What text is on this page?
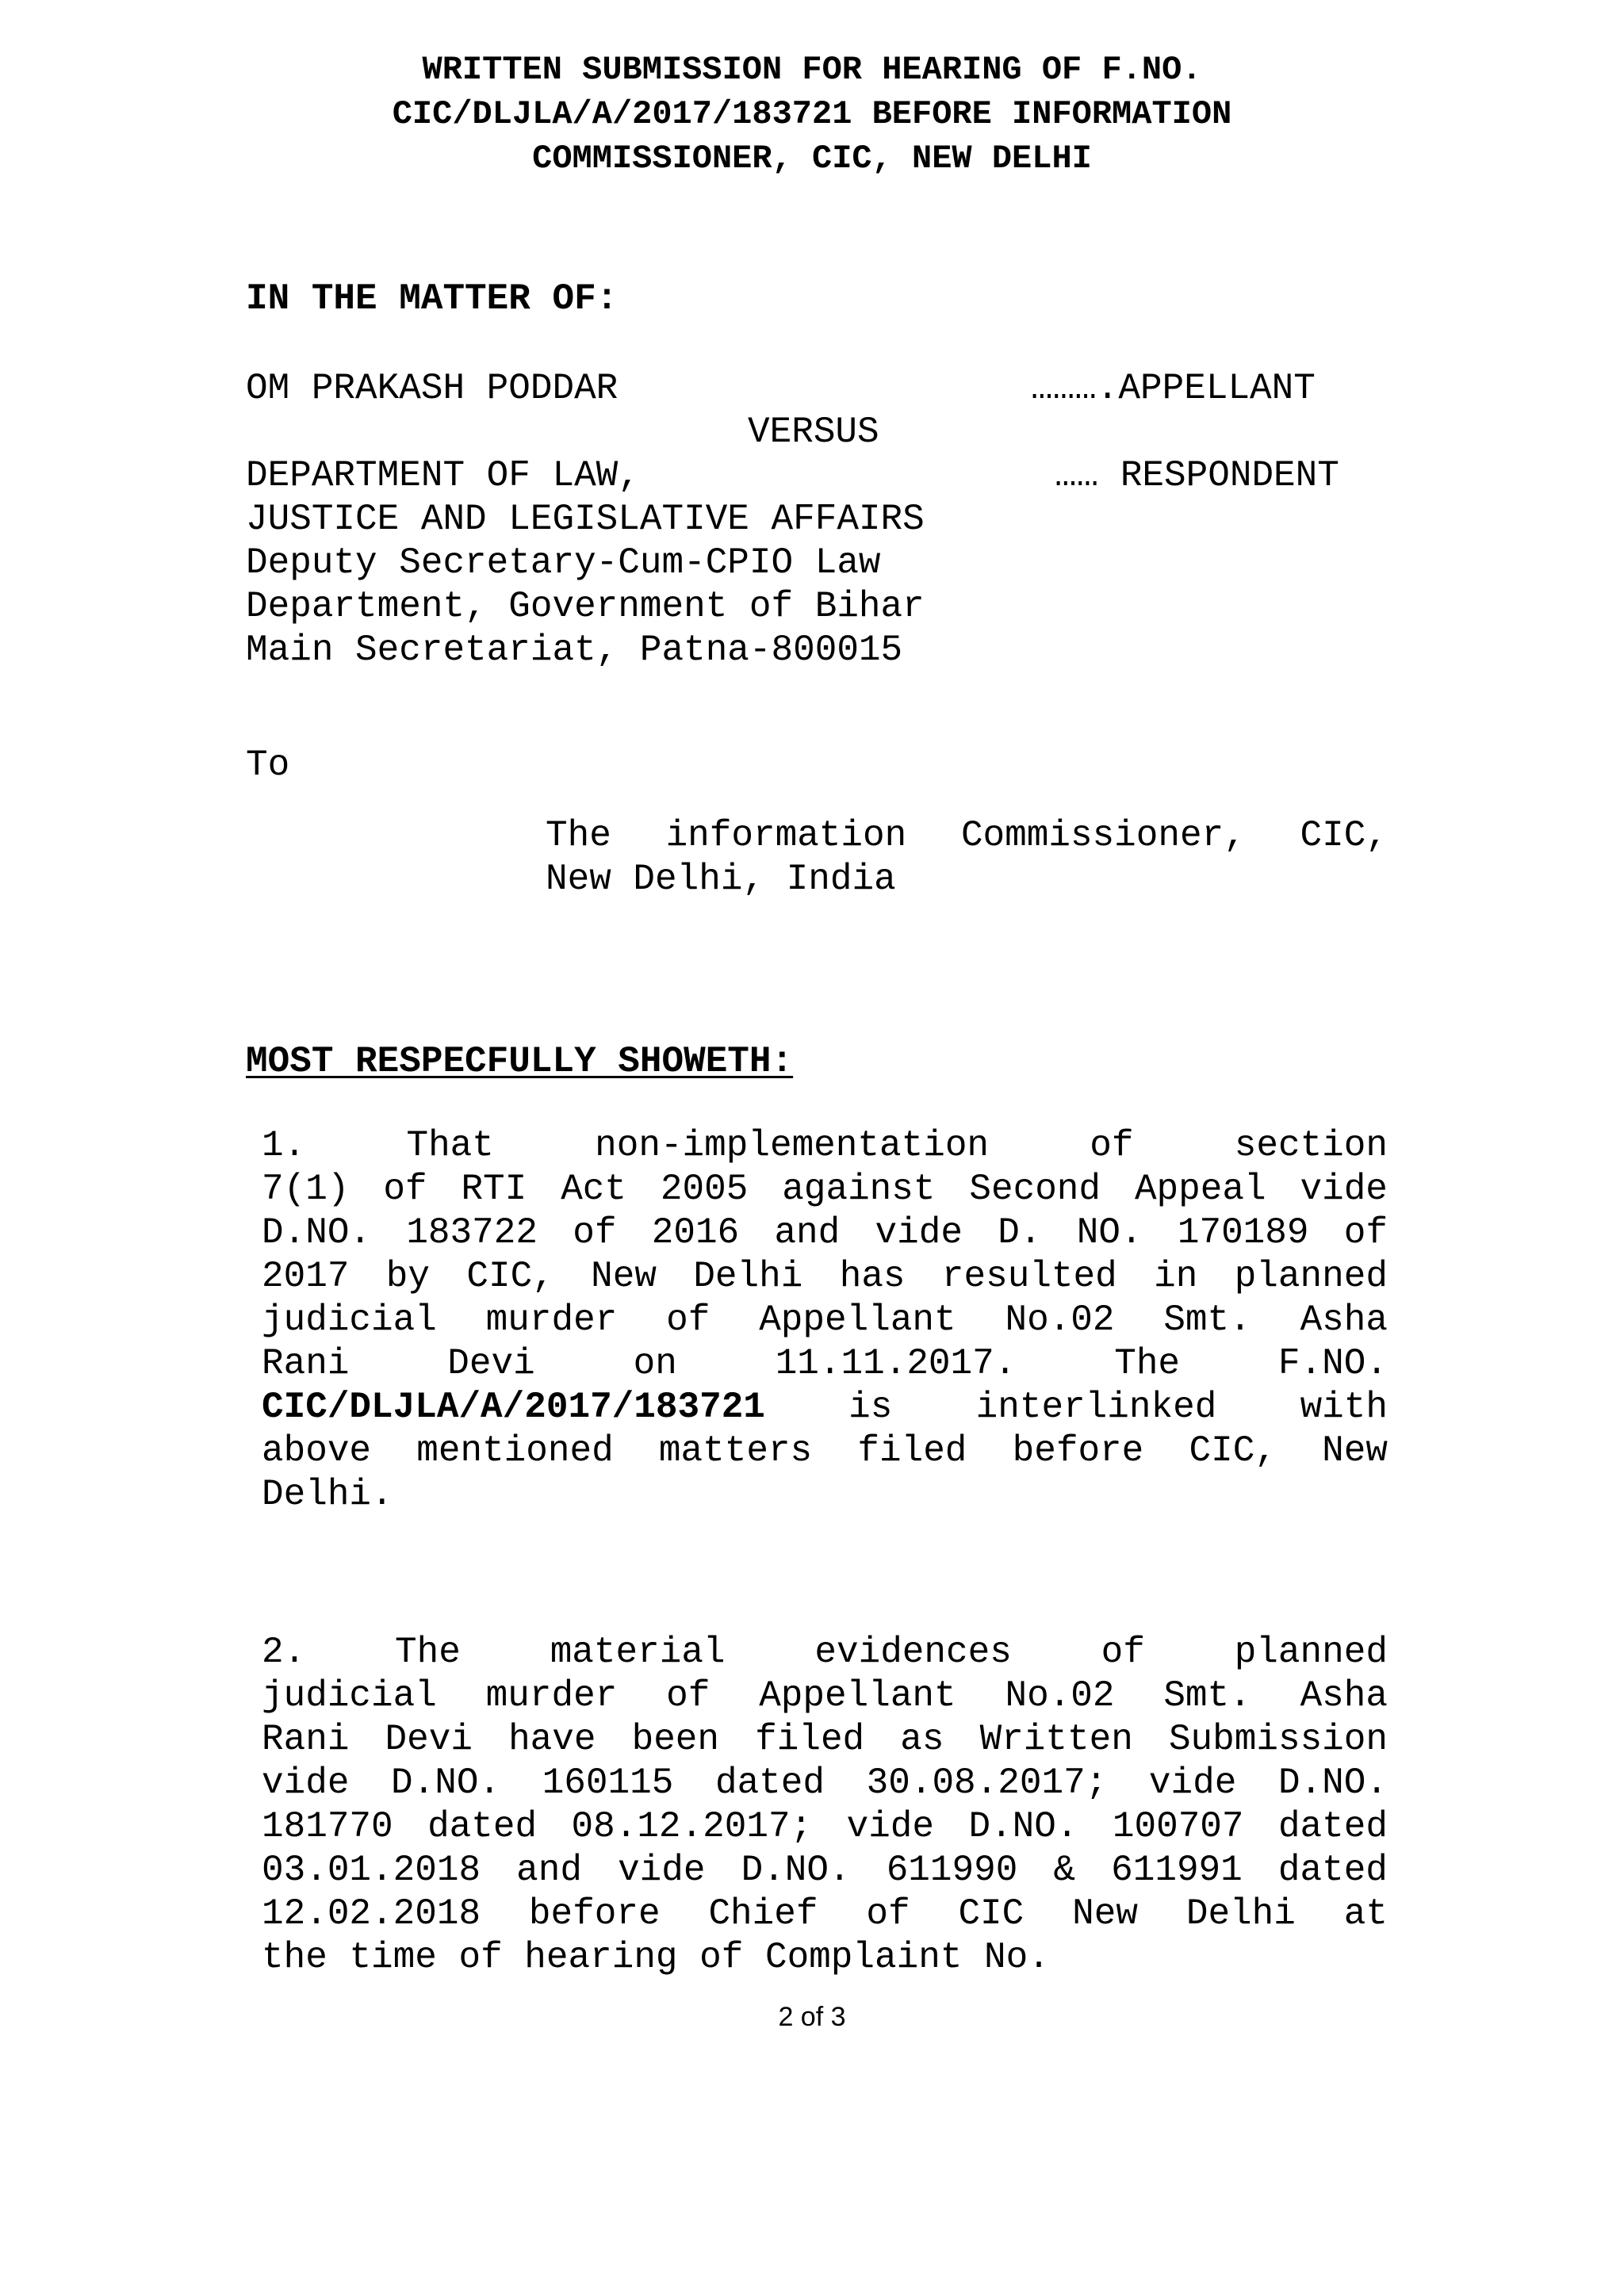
WRITTEN SUBMISSION FOR HEARING OF F.NO.
CIC/DLJLA/A/2017/183721 BEFORE INFORMATION
COMMISSIONER, CIC, NEW DELHI
IN THE MATTER OF:
OM PRAKASH PODDAR	……….APPELLANT
VERSUS
DEPARTMENT OF LAW,	…… RESPONDENT
JUSTICE AND LEGISLATIVE AFFAIRS
Deputy Secretary-Cum-CPIO Law
Department, Government of Bihar
Main Secretariat, Patna-800015
To
The information Commissioner, CIC,
New Delhi, India
MOST RESPECFULLY SHOWETH:
1.	That	non-implementation	of	section
7(1) of RTI Act 2005 against Second Appeal vide
D.NO. 183722 of 2016 and vide D. NO. 170189 of
2017 by CIC, New Delhi has resulted in planned
judicial murder of Appellant No.02 Smt. Asha
Rani	Devi	on	11.11.2017.	The	F.NO.
CIC/DLJLA/A/2017/183721 is interlinked with
above mentioned matters filed before CIC, New
Delhi.
2. The material evidences of planned
judicial murder of Appellant No.02 Smt. Asha
Rani Devi have been filed as Written Submission
vide D.NO. 160115 dated 30.08.2017; vide D.NO.
181770 dated 08.12.2017; vide D.NO. 100707 dated
03.01.2018 and vide D.NO. 611990 & 611991 dated
12.02.2018 before Chief of CIC New Delhi at
the
time
of
hearing
of
Complaint
No.
2 of 3
